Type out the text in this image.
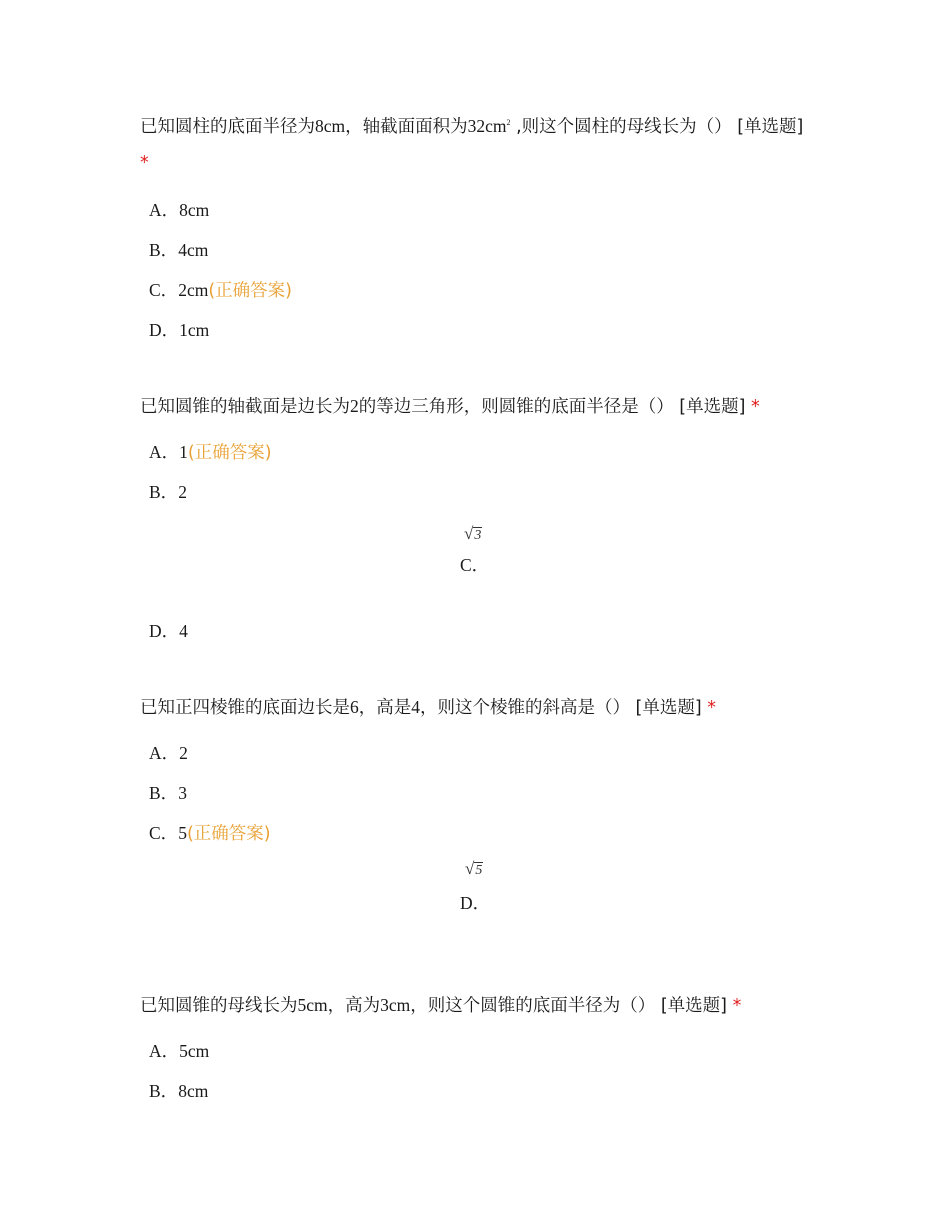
已知圆柱的底面半径为8cm，轴截面面积为$32cm^2$ ,则这个圆柱的母线长为（） [单选题] *
A．8cm
B．4cm
C．2cm(正确答案)
D．1cm
已知圆锥的轴截面是边长为2的等边三角形，则圆锥的底面半径是（） [单选题] *
A．1(正确答案)
B．2
√3
C．
D．4
已知正四棱锥的底面边长是6，高是4，则这个棱锥的斜高是（） [单选题] *
A．2
B．3
C．5(正确答案)
√5
D．
已知圆锥的母线长为5cm，高为3cm，则这个圆锥的底面半径为（） [单选题] *
A．5cm
B．8cm
